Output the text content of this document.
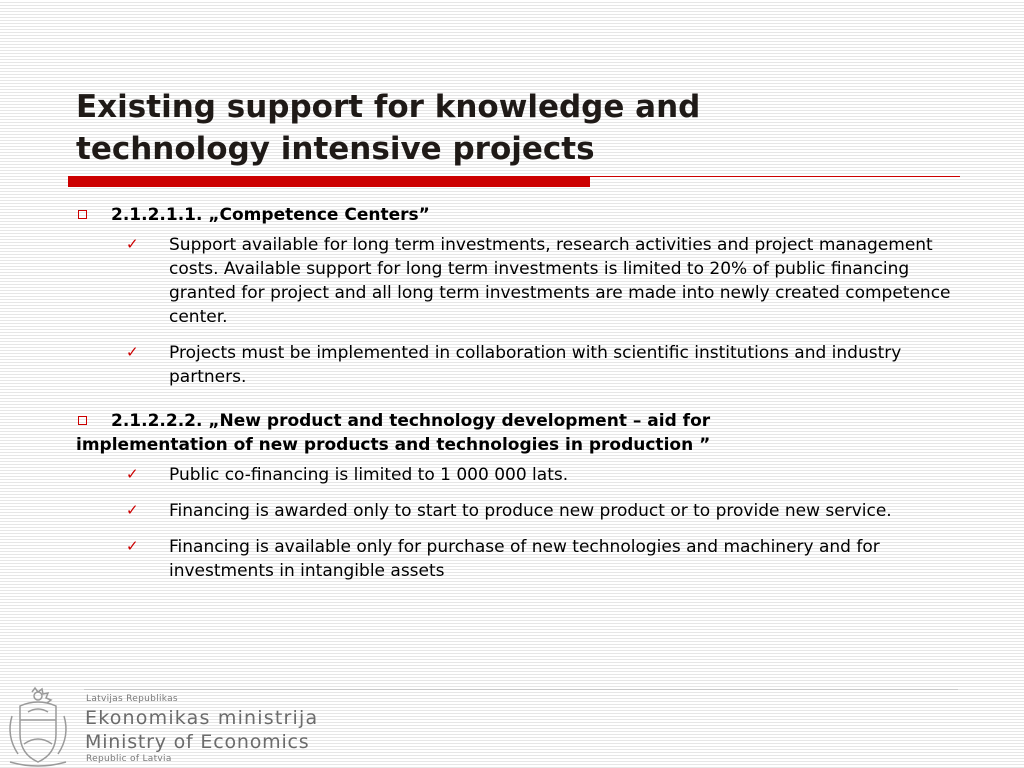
Existing support for knowledge and
technology intensive projects

2.1.2.1.1. „Competence Centers”

✓ Support available for long term investments, research activities and project management costs. Available support for long term investments is limited to 20% of public financing granted for project and all long term investments are made into newly created competence center.

✓ Projects must be implemented in collaboration with scientific institutions and industry partners.

2.1.2.2.2. „New product and technology development – aid for
implementation of new products and technologies in production ”

✓ Public co-financing is limited to 1 000 000 lats.

✓ Financing is awarded only to start to produce new product or to provide new service.

✓ Financing is available only for purchase of new technologies and machinery and for investments in intangible assets

Latvijas Republikas
Ekonomikas ministrija
Ministry of Economics
Republic of Latvia
